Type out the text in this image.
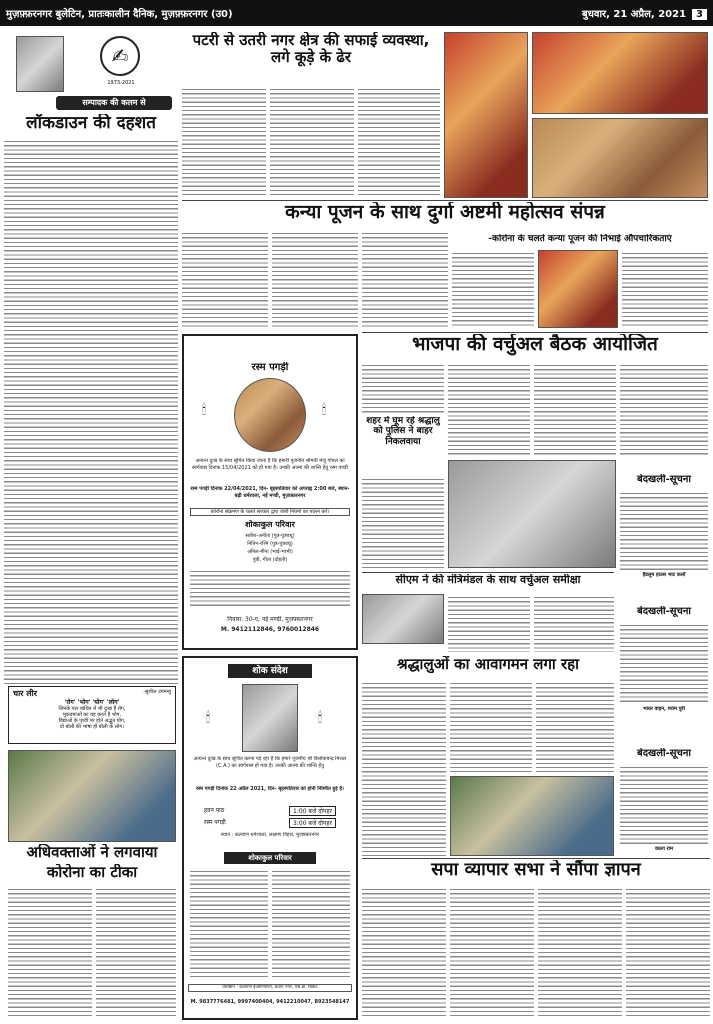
मुज़फ़्फ़रनगर बुलेटिन, प्रातःकालीन दैनिक, मुज़फ़्फ़रनगर (उ0)	बुधवार, 21 अप्रैल, 2021 3
✍
1973-2021
सम्पादक की कलम से
लॉकडाउन की दहशत
चार लीर	-सुशील उपमन्यु
'रोग' 'भोग' 'योग' 'लोग'
जिनके पल व्यथित में भी दुःख हैं रोग,
मुकदमाओं का यह करते हैं भोग,
विद्याओं के पृथ्वी पर होते अद्भुत योग,
दो बोली की भाषा हो बोली के लोग।
अधिवक्ताओं ने लगवाया
कोरोना का टीका
पटरी से उतरी नगर क्षेत्र की सफाई व्यवस्था, लगे कूड़े के ढेर
कन्या पूजन के साथ दुर्गा अष्टमी महोत्सव संपन्न
-कोरोना के चलते कन्या पूजन की निभाई औपचारिकताएं
भाजपा की वर्चुअल बैठक आयोजित
शहर में घूम रहे श्रद्धालु को पुलिस ने बाहर निकलवाया
रस्म पगड़ी
🕯	🕯
अत्यन्त दुःख के साथ सूचित किया जाता है कि हमारी पूजनीय श्रीमती मंजू गोयल का स्वर्गवास दिनांक 15/04/2021 को हो गया है। उनकी आत्मा की शान्ति हेतु रस्म पगड़ी
रस्म पगड़ी दिनांक 22/04/2021, दिन- बृहस्पतिवार को अपराह्न 2:00 बजे, स्थान- बढ़ी धर्मशाला, नई मण्डी, मुज़फ़्फ़रनगर
कोरोना संक्रमण के चलते सरकार द्वारा जारी नियमों का पालन करें।
शोकाकुल परिवार
सतीश-अनीता (पुत्र-पुत्रवधू)
नितिन-रश्मि (पुत्र-पुत्रवधू)
अनिल-मीना (भाई-भाभी)
पुत्री, गीता (दोहती)
निवास: 30-ए, नई मण्डी, मुज़फ़्फ़रनगर
M. 9412112846, 9760012846
सीएम ने की मंत्रिमंडल के साथ वर्चुअल समीक्षा
श्रद्धालुओं का आवागमन लगा रहा
शोक संदेश
🕯	🕯
अत्यन्त दुःख के साथ सूचित करना पड़ रहा है कि हमारे पूजनीय श्री त्रिलोकचन्द्र मित्तल (C.A.) का स्वर्गवास हो गया है। उनकी आत्मा की शान्ति हेतु
रस्म पगड़ी दिनांक 22 अप्रैल 2021, दिन- बृहस्पतिवार को होनी निश्चित हुई है।
हवन पाठ	1:00 बजे दोपहर
रस्म पगड़ी	3:00 बजे दोपहर
स्थान : कल्याण धर्मशाला, लक्ष्मण विहार, मुज़फ़्फ़रनगर
शोकाकुल परिवार
प्रतिष्ठान : कल्याण इंजीनियरिंग, प्रताप नगर, एस.डी. मार्केट
M. 9837776481, 9997400404, 9412210047, 8923548147
बेदखली-सूचना
हैंडलूम हाउस भाट कलाँ
बेदखली-सूचना
भारत वाहन, श्याम पुरी
बेदखली-सूचना
काला राम
सपा व्यापार सभा ने सौंपा ज्ञापन
